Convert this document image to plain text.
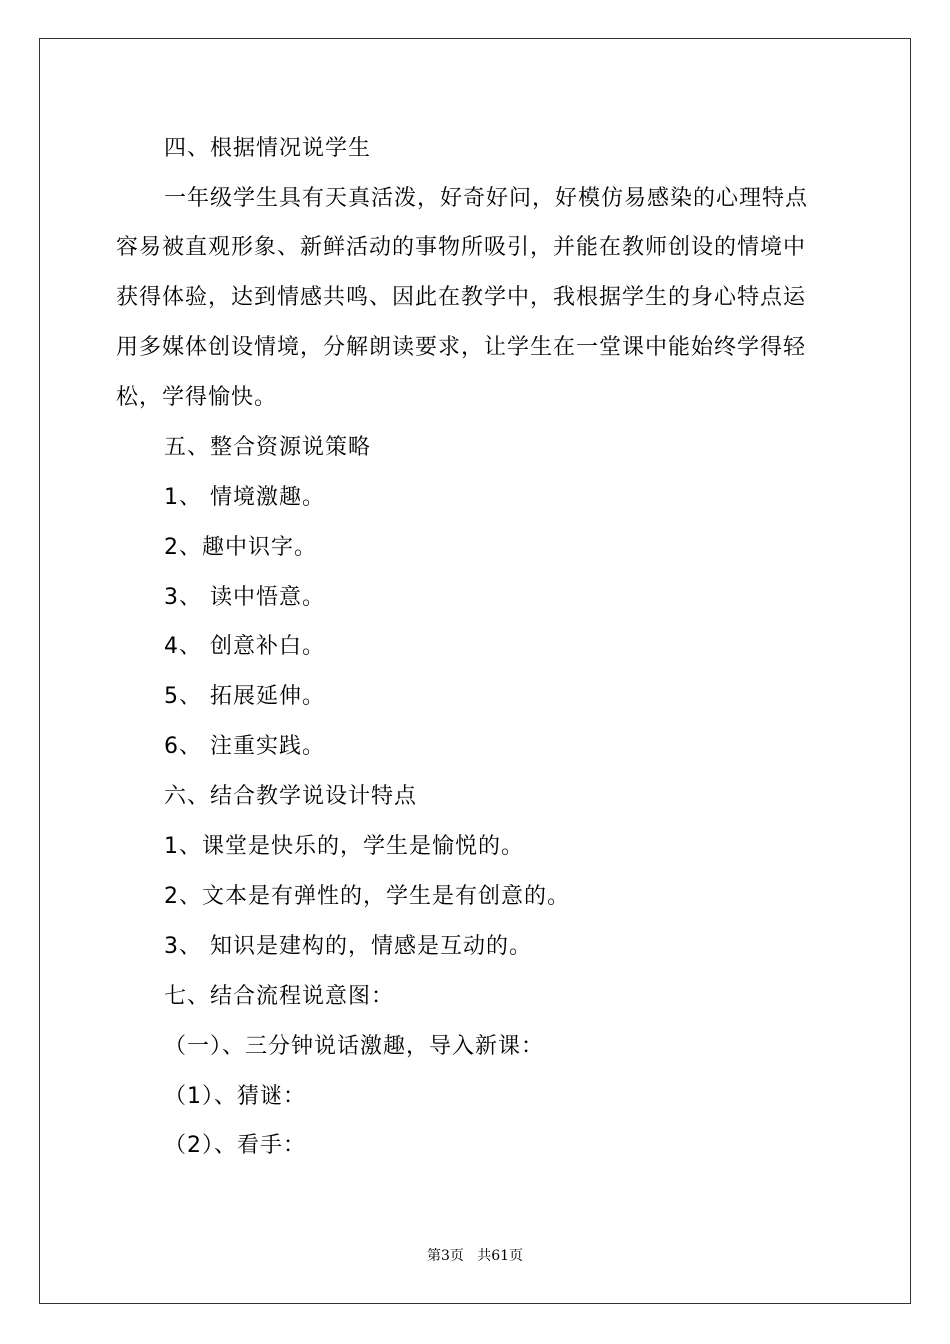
四、根据情况说学生
一年级学生具有天真活泼，好奇好问，好模仿易感染的心理特点
容易被直观形象、新鲜活动的事物所吸引，并能在教师创设的情境中
获得体验，达到情感共鸣、因此在教学中，我根据学生的身心特点运
用多媒体创设情境，分解朗读要求，让学生在一堂课中能始终学得轻
松，学得愉快。
五、整合资源说策略
1、 情境激趣。
2、趣中识字。
3、 读中悟意。
4、 创意补白。
5、 拓展延伸。
6、 注重实践。
六、结合教学说设计特点
1、课堂是快乐的，学生是愉悦的。
2、文本是有弹性的，学生是有创意的。
3、 知识是建构的，情感是互动的。
七、结合流程说意图：
（一）、三分钟说话激趣，导入新课：
（1）、猜谜：
（2）、看手：
第3页   共61页
